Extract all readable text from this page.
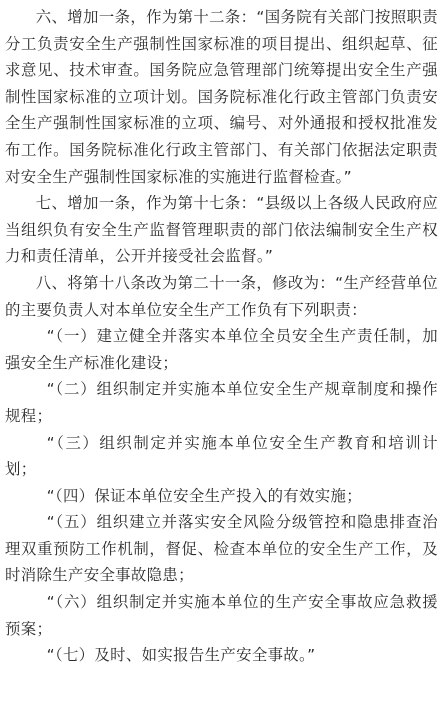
六、增加一条，作为第十二条：“国务院有关部门按照职责分工负责安全生产强制性国家标准的项目提出、组织起草、征求意见、技术审查。国务院应急管理部门统筹提出安全生产强制性国家标准的立项计划。国务院标准化行政主管部门负责安全生产强制性国家标准的立项、编号、对外通报和授权批准发布工作。国务院标准化行政主管部门、有关部门依据法定职责对安全生产强制性国家标准的实施进行监督检查。”

七、增加一条，作为第十七条：“县级以上各级人民政府应当组织负有安全生产监督管理职责的部门依法编制安全生产权力和责任清单，公开并接受社会监督。”

八、将第十八条改为第二十一条，修改为：“生产经营单位的主要负责人对本单位安全生产工作负有下列职责：

“（一）建立健全并落实本单位全员安全生产责任制，加强安全生产标准化建设；

“（二）组织制定并实施本单位安全生产规章制度和操作规程；

“（三）组织制定并实施本单位安全生产教育和培训计划；

“（四）保证本单位安全生产投入的有效实施；

“（五）组织建立并落实安全风险分级管控和隐患排查治理双重预防工作机制，督促、检查本单位的安全生产工作，及时消除生产安全事故隐患；

“（六）组织制定并实施本单位的生产安全事故应急救援预案；

“（七）及时、如实报告生产安全事故。”
